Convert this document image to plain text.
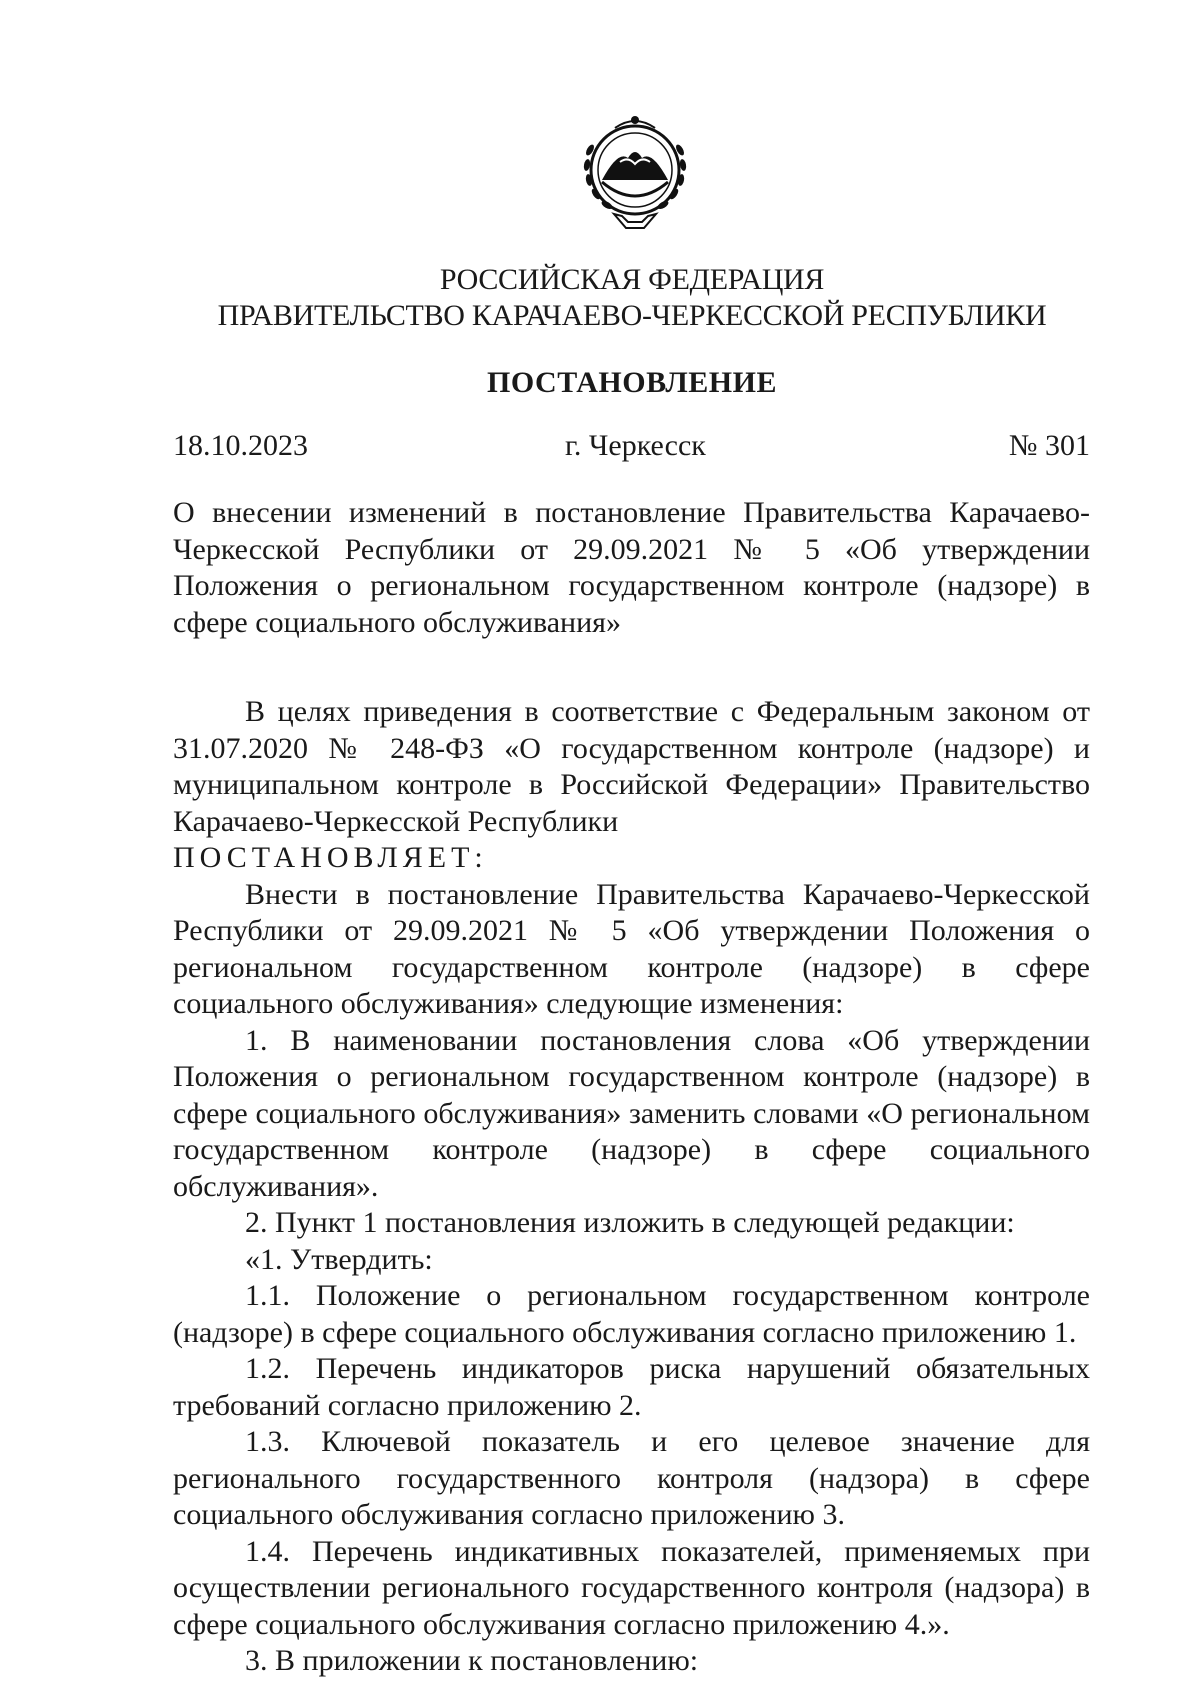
РОССИЙСКАЯ ФЕДЕРАЦИЯ
ПРАВИТЕЛЬСТВО КАРАЧАЕВО-ЧЕРКЕССКОЙ РЕСПУБЛИКИ
ПОСТАНОВЛЕНИЕ
18.10.2023	г. Черкесск	№ 301

О внесении изменений в постановление Правительства Карачаево-Черкесской Республики от 29.09.2021 № 5 «Об утверждении Положения о региональном государственном контроле (надзоре) в сфере социального обслуживания»

В целях приведения в соответствие с Федеральным законом от 31.07.2020 № 248-ФЗ «О государственном контроле (надзоре) и муниципальном контроле в Российской Федерации» Правительство Карачаево-Черкесской Республики

ПОСТАНОВЛЯЕТ:

Внести в постановление Правительства Карачаево-Черкесской Республики от 29.09.2021 № 5 «Об утверждении Положения о региональном государственном контроле (надзоре) в сфере социального обслуживания» следующие изменения:

1. В наименовании постановления слова «Об утверждении Положения о региональном государственном контроле (надзоре) в сфере социального обслуживания» заменить словами «О региональном государственном контроле (надзоре) в сфере социального обслуживания».

2. Пункт 1 постановления изложить в следующей редакции:

«1. Утвердить:

1.1. Положение о региональном государственном контроле (надзоре) в сфере социального обслуживания согласно приложению 1.

1.2. Перечень индикаторов риска нарушений обязательных требований согласно приложению 2.

1.3. Ключевой показатель и его целевое значение для регионального государственного контроля (надзора) в сфере социального обслуживания согласно приложению 3.

1.4. Перечень индикативных показателей, применяемых при осуществлении регионального государственного контроля (надзора) в сфере социального обслуживания согласно приложению 4.».

3. В приложении к постановлению:
